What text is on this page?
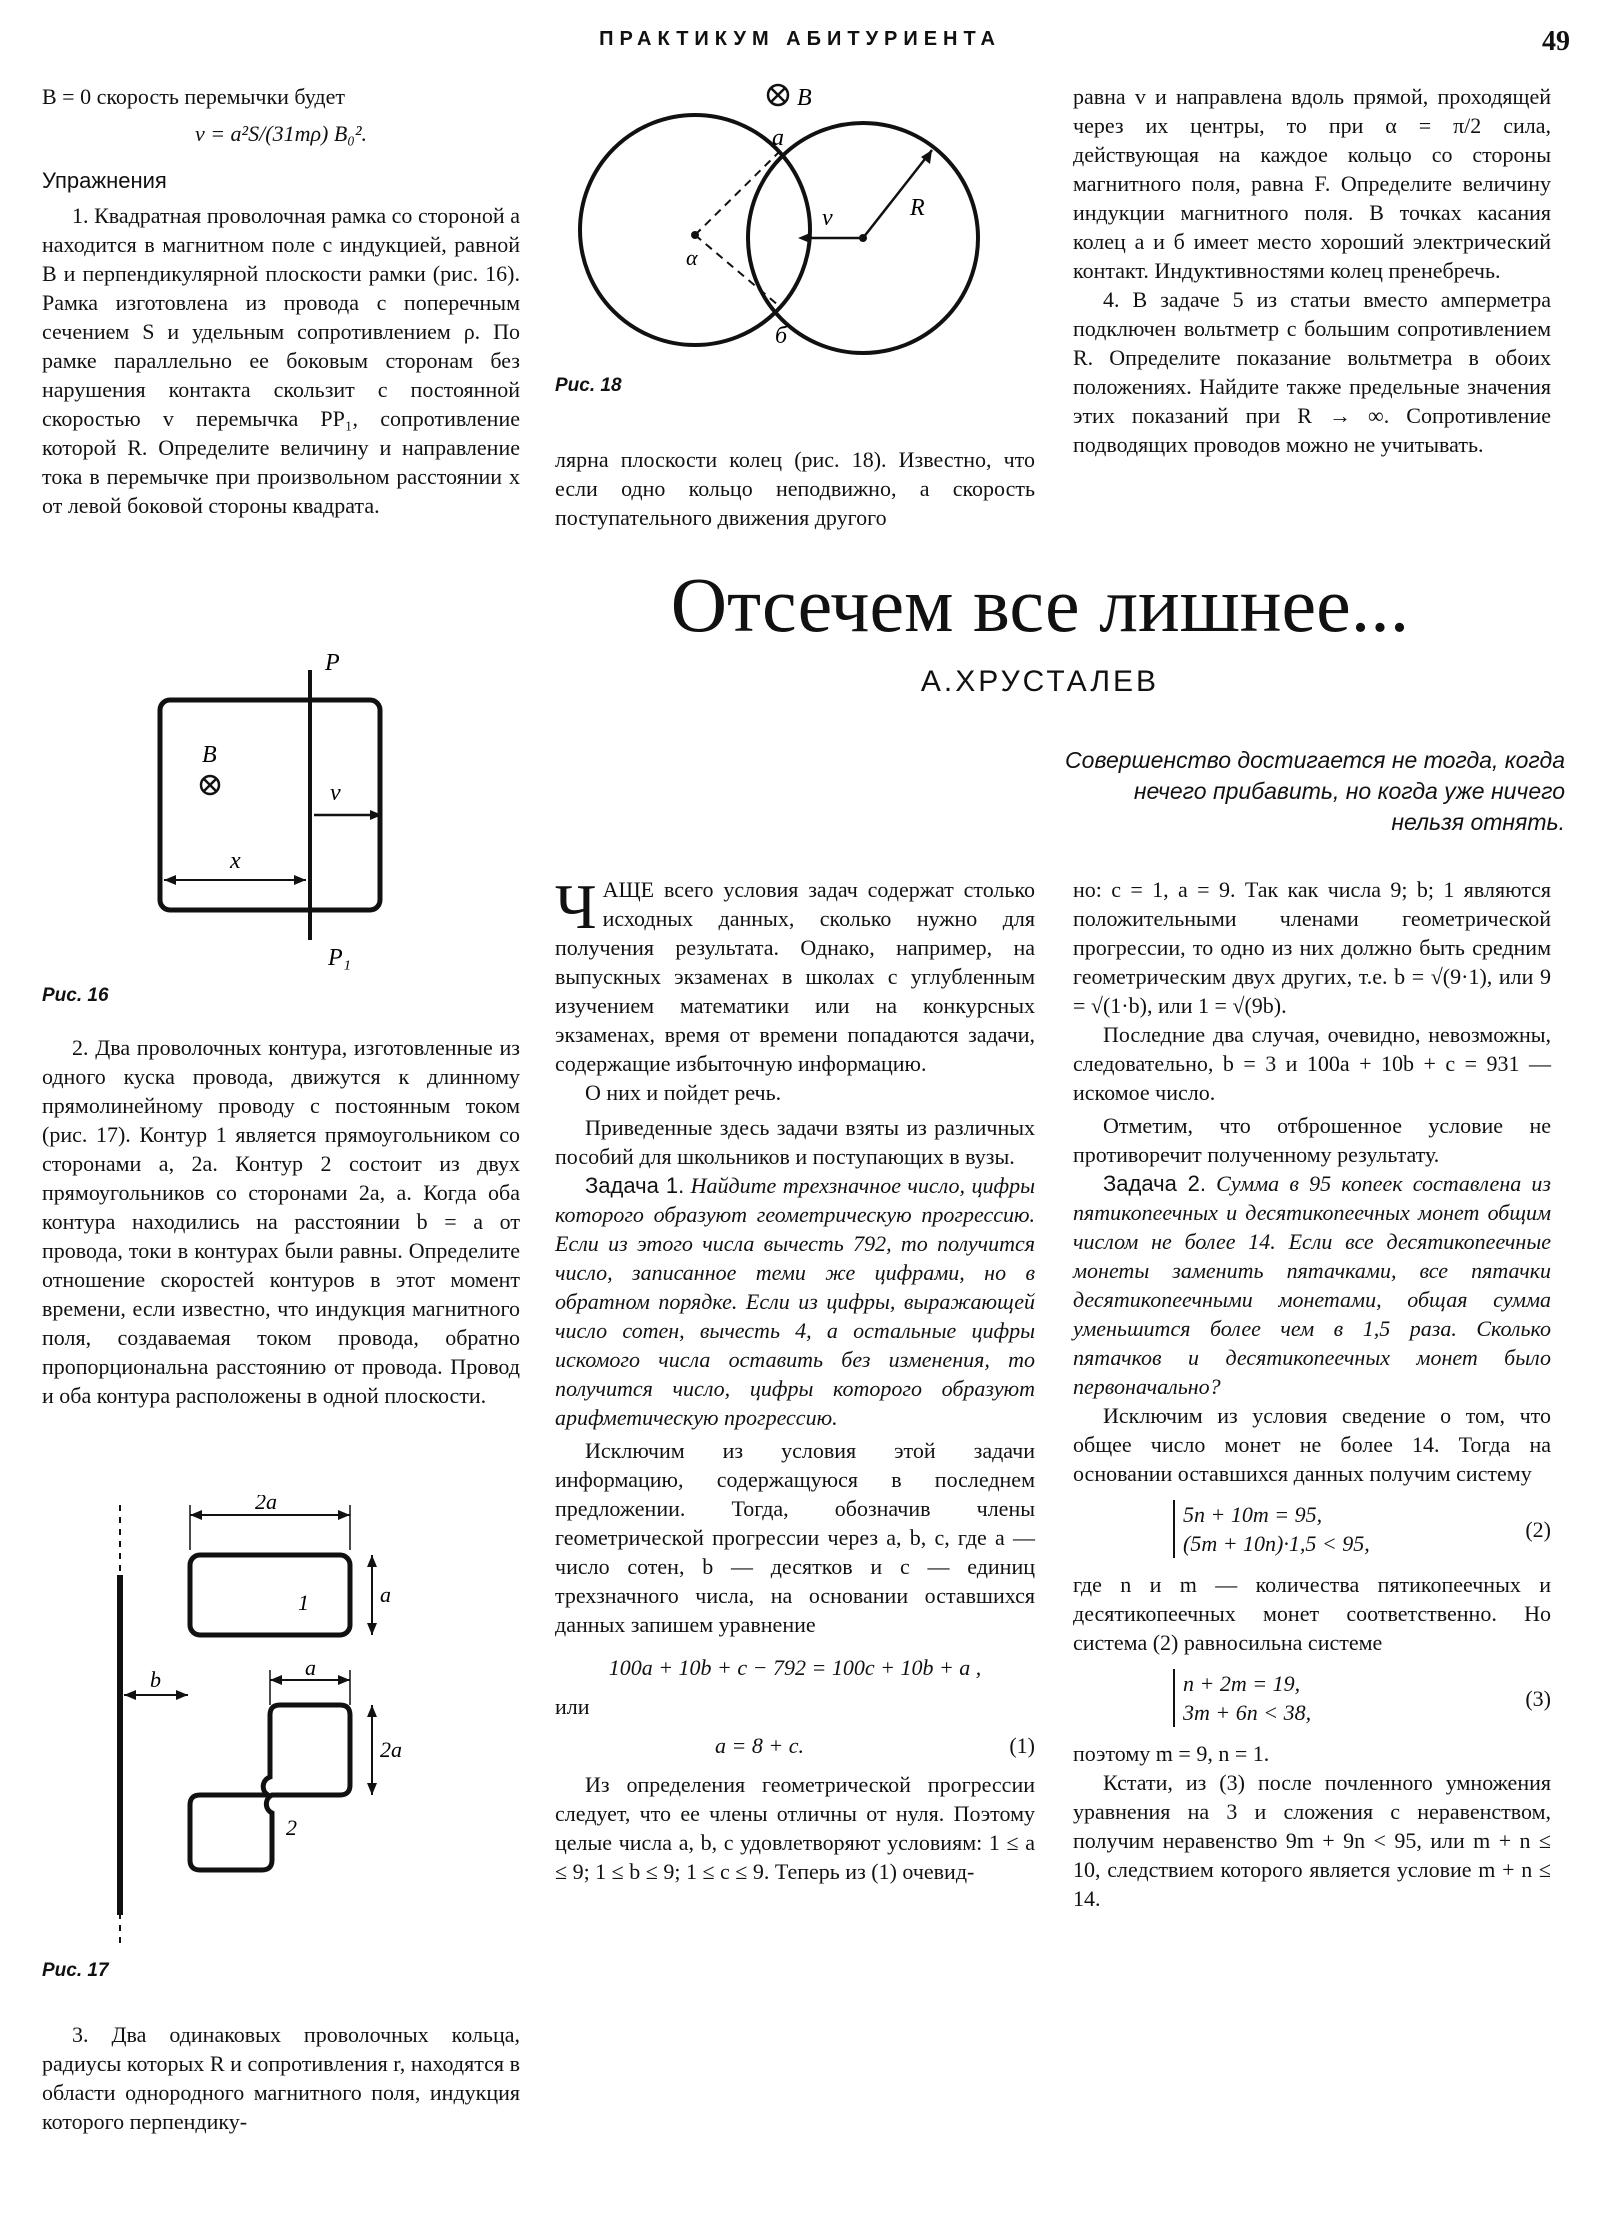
ПРАКТИКУМ АБИТУРИЕНТА	49

B = 0 скорость перемычки будет

v = a²S/(31mρ) B₀².

Упражнения

1. Квадратная проволочная рамка со стороной a находится в магнитном поле с индукцией, равной B и перпендикулярной плоскости рамки (рис. 16). Рамка изготовлена из провода с поперечным сечением S и удельным сопротивлением ρ. По рамке параллельно ее боковым сторонам без нарушения контакта скользит с постоянной скоростью v перемычка PP₁, сопротивление которой R. Определите величину и направление тока в перемычке при произвольном расстоянии x от левой боковой стороны квадрата.

P
P₁
B
v
x
Рис. 16

2. Два проволочных контура, изготовленные из одного куска провода, движутся к длинному прямолинейному проводу с постоянным током (рис. 17). Контур 1 является прямоугольником со сторонами a, 2a. Контур 2 состоит из двух прямоугольников со сторонами 2a, a. Когда оба контура находились на расстоянии b = a от провода, токи в контурах были равны. Определите отношение скоростей контуров в этот момент времени, если известно, что индукция магнитного поля, создаваемая током провода, обратно пропорциональна расстоянию от провода. Провод и оба контура расположены в одной плоскости.

2a
a
1
a
2a
b
2
Рис. 17

3. Два одинаковых проволочных кольца, радиусы которых R и сопротивления r, находятся в области однородного магнитного поля, индукция которого перпендику-

B
a
б
α
v	R
Рис. 18

лярна плоскости колец (рис. 18). Известно, что если одно кольцо неподвижно, а скорость поступательного движения другого

равна v и направлена вдоль прямой, проходящей через их центры, то при α = π/2 сила, действующая на каждое кольцо со стороны магнитного поля, равна F. Определите величину индукции магнитного поля. В точках касания колец a и б имеет место хороший электрический контакт. Индуктивностями колец пренебречь.

4. В задаче 5 из статьи вместо амперметра подключен вольтметр с большим сопротивлением R. Определите показание вольтметра в обоих положениях. Найдите также предельные значения этих показаний при R → ∞. Сопротивление подводящих проводов можно не учитывать.

Отсечем все лишнее...
А.ХРУСТАЛЕВ
Совершенство достигается не тогда, когда нечего прибавить, но когда уже ничего нельзя отнять.

ЧАЩЕ всего условия задач содержат столько исходных данных, сколько нужно для получения результата. Однако, например, на выпускных экзаменах в школах с углубленным изучением математики или на конкурсных экзаменах, время от времени попадаются задачи, содержащие избыточную информацию.

О них и пойдет речь.

Приведенные здесь задачи взяты из различных пособий для школьников и поступающих в вузы.

Задача 1. Найдите трехзначное число, цифры которого образуют геометрическую прогрессию. Если из этого числа вычесть 792, то получится число, записанное теми же цифрами, но в обратном порядке. Если из цифры, выражающей число сотен, вычесть 4, а остальные цифры искомого числа оставить без изменения, то получится число, цифры которого образуют арифметическую прогрессию.

Исключим из условия этой задачи информацию, содержащуюся в последнем предложении. Тогда, обозначив члены геометрической прогрессии через a, b, c, где a — число сотен, b — десятков и c — единиц трехзначного числа, на основании оставшихся данных запишем уравнение

100a + 10b + c − 792 = 100c + 10b + a ,

или

a = 8 + c.	(1)

Из определения геометрической прогрессии следует, что ее члены отличны от нуля. Поэтому целые числа a, b, c удовлетворяют условиям: 1 ≤ a ≤ 9; 1 ≤ b ≤ 9; 1 ≤ c ≤ 9. Теперь из (1) очевид-

но: c = 1, a = 9. Так как числа 9; b; 1 являются положительными членами геометрической прогрессии, то одно из них должно быть средним геометрическим двух других, т.е. b = √(9·1), или 9 = √(1·b), или 1 = √(9b).

Последние два случая, очевидно, невозможны, следовательно, b = 3 и 100a + 10b + c = 931 — искомое число.

Отметим, что отброшенное условие не противоречит полученному результату.

Задача 2. Сумма в 95 копеек составлена из пятикопеечных и десятикопеечных монет общим числом не более 14. Если все десятикопеечные монеты заменить пятачками, все пятачки десятикопеечными монетами, общая сумма уменьшится более чем в 1,5 раза. Сколько пятачков и десятикопеечных монет было первоначально?

Исключим из условия сведение о том, что общее число монет не более 14. Тогда на основании оставшихся данных получим систему

5n + 10m = 95,
(5m + 10n)·1,5 < 95,
(2)

где n и m — количества пятикопеечных и десятикопеечных монет соответственно. Но система (2) равносильна системе

n + 2m = 19,
3m + 6n < 38,
(3)

поэтому m = 9, n = 1.

Кстати, из (3) после почленного умножения уравнения на 3 и сложения с неравенством, получим неравенство 9m + 9n < 95, или m + n ≤ 10, следствием которого является условие m + n ≤ 14.
